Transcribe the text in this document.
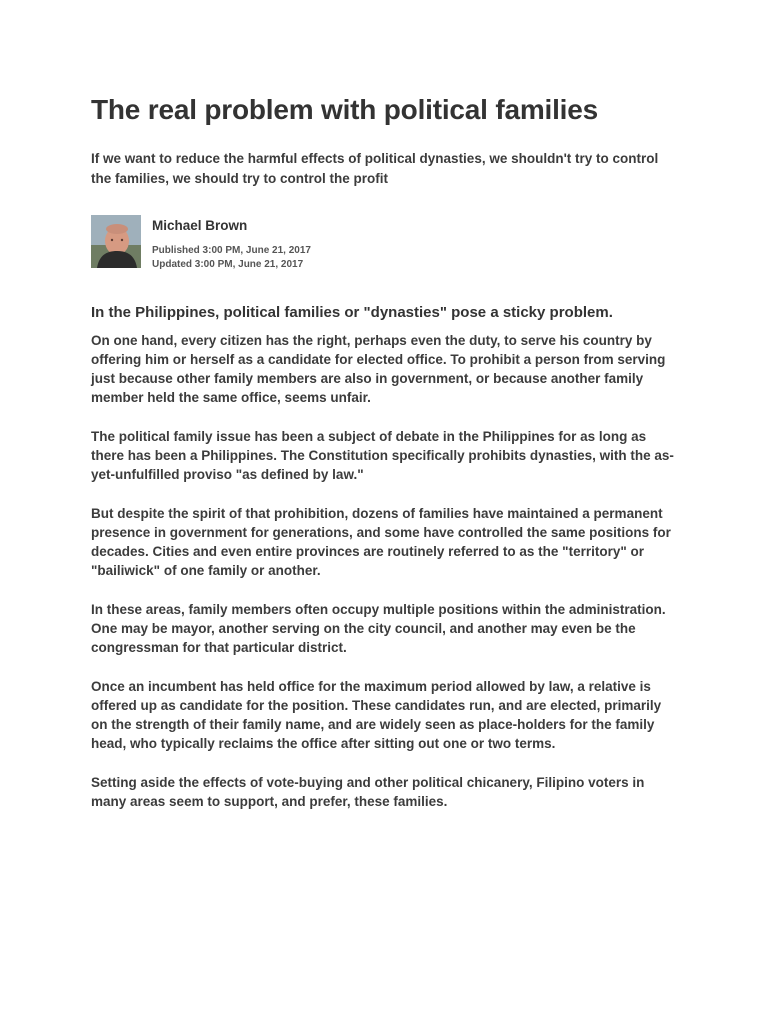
The real problem with political families
If we want to reduce the harmful effects of political dynasties, we shouldn't try to control the families, we should try to control the profit
Michael Brown
Published 3:00 PM, June 21, 2017
Updated 3:00 PM, June 21, 2017
In the Philippines, political families or "dynasties" pose a sticky problem.

On one hand, every citizen has the right, perhaps even the duty, to serve his country by offering him or herself as a candidate for elected office. To prohibit a person from serving just because other family members are also in government, or because another family member held the same office, seems unfair.

The political family issue has been a subject of debate in the Philippines for as long as there has been a Philippines. The Constitution specifically prohibits dynasties, with the as-yet-unfulfilled proviso "as defined by law."

But despite the spirit of that prohibition, dozens of families have maintained a permanent presence in government for generations, and some have controlled the same positions for decades. Cities and even entire provinces are routinely referred to as the "territory" or "bailiwick" of one family or another.

In these areas, family members often occupy multiple positions within the administration. One may be mayor, another serving on the city council, and another may even be the congressman for that particular district.

Once an incumbent has held office for the maximum period allowed by law, a relative is offered up as candidate for the position. These candidates run, and are elected, primarily on the strength of their family name, and are widely seen as place-holders for the family head, who typically reclaims the office after sitting out one or two terms.

Setting aside the effects of vote-buying and other political chicanery, Filipino voters in many areas seem to support, and prefer, these families.
